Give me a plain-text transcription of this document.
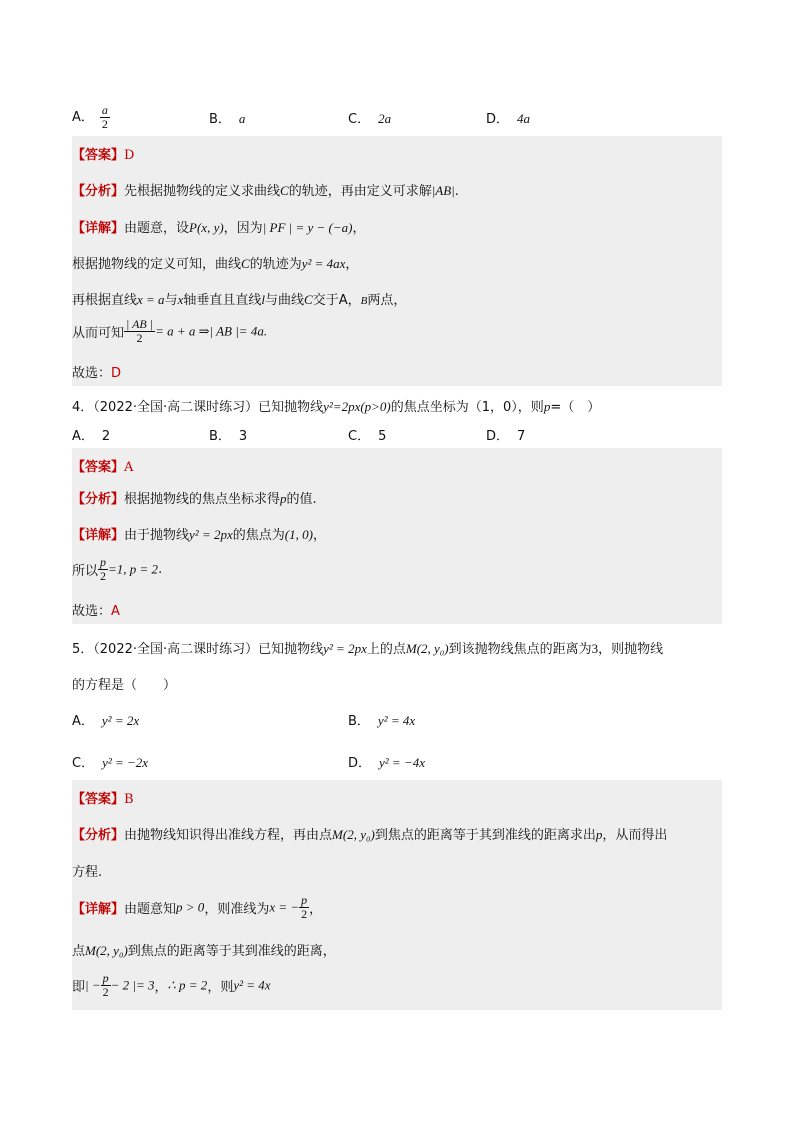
A． $\frac{a}{2}$	B． a	C． 2a	D． 4a
【答案】D
【分析】先根据抛物线的定义求曲线C的轨迹，再由定义可求解|AB|.
【详解】由题意，设P(x, y)，因为| PF | = y − (−a)，
根据抛物线的定义可知，曲线C的轨迹为y² = 4ax，
再根据直线x = a与x轴垂直且直线l与曲线C交于A，B两点，
从而可知 $\frac{| AB |}{2} = a + a$ ⇒| AB |= 4a.
故选：D
4．（2022·全国·高二课时练习）已知抛物线y²=2px(p>0)的焦点坐标为（1，0），则p=（　）
A． 2	B． 3	C． 5	D． 7
【答案】A
【分析】根据抛物线的焦点坐标求得p的值.
【详解】由于抛物线y² = 2px的焦点为(1, 0)，
所以 $\frac{p}{2} =1$, p = 2.
故选：A
5．（2022·全国·高二课时练习）已知抛物线y² = 2px上的点M(2, y₀)到该抛物线焦点的距离为3，则抛物线
的方程是（　　）
A． y² = 2x	B． y² = 4x
C． y² = −2x	D． y² = −4x
【答案】B
【分析】由抛物线知识得出准线方程，再由点M(2, y₀)到焦点的距离等于其到准线的距离求出p，从而得出
方程.
【详解】由题意知p > 0，则准线为x = − $\frac{p}{2}$ ，
点M(2, y₀)到焦点的距离等于其到准线的距离，
即| − $\frac{p}{2} - 2$ |= 3，∴ p = 2，则y² = 4x
